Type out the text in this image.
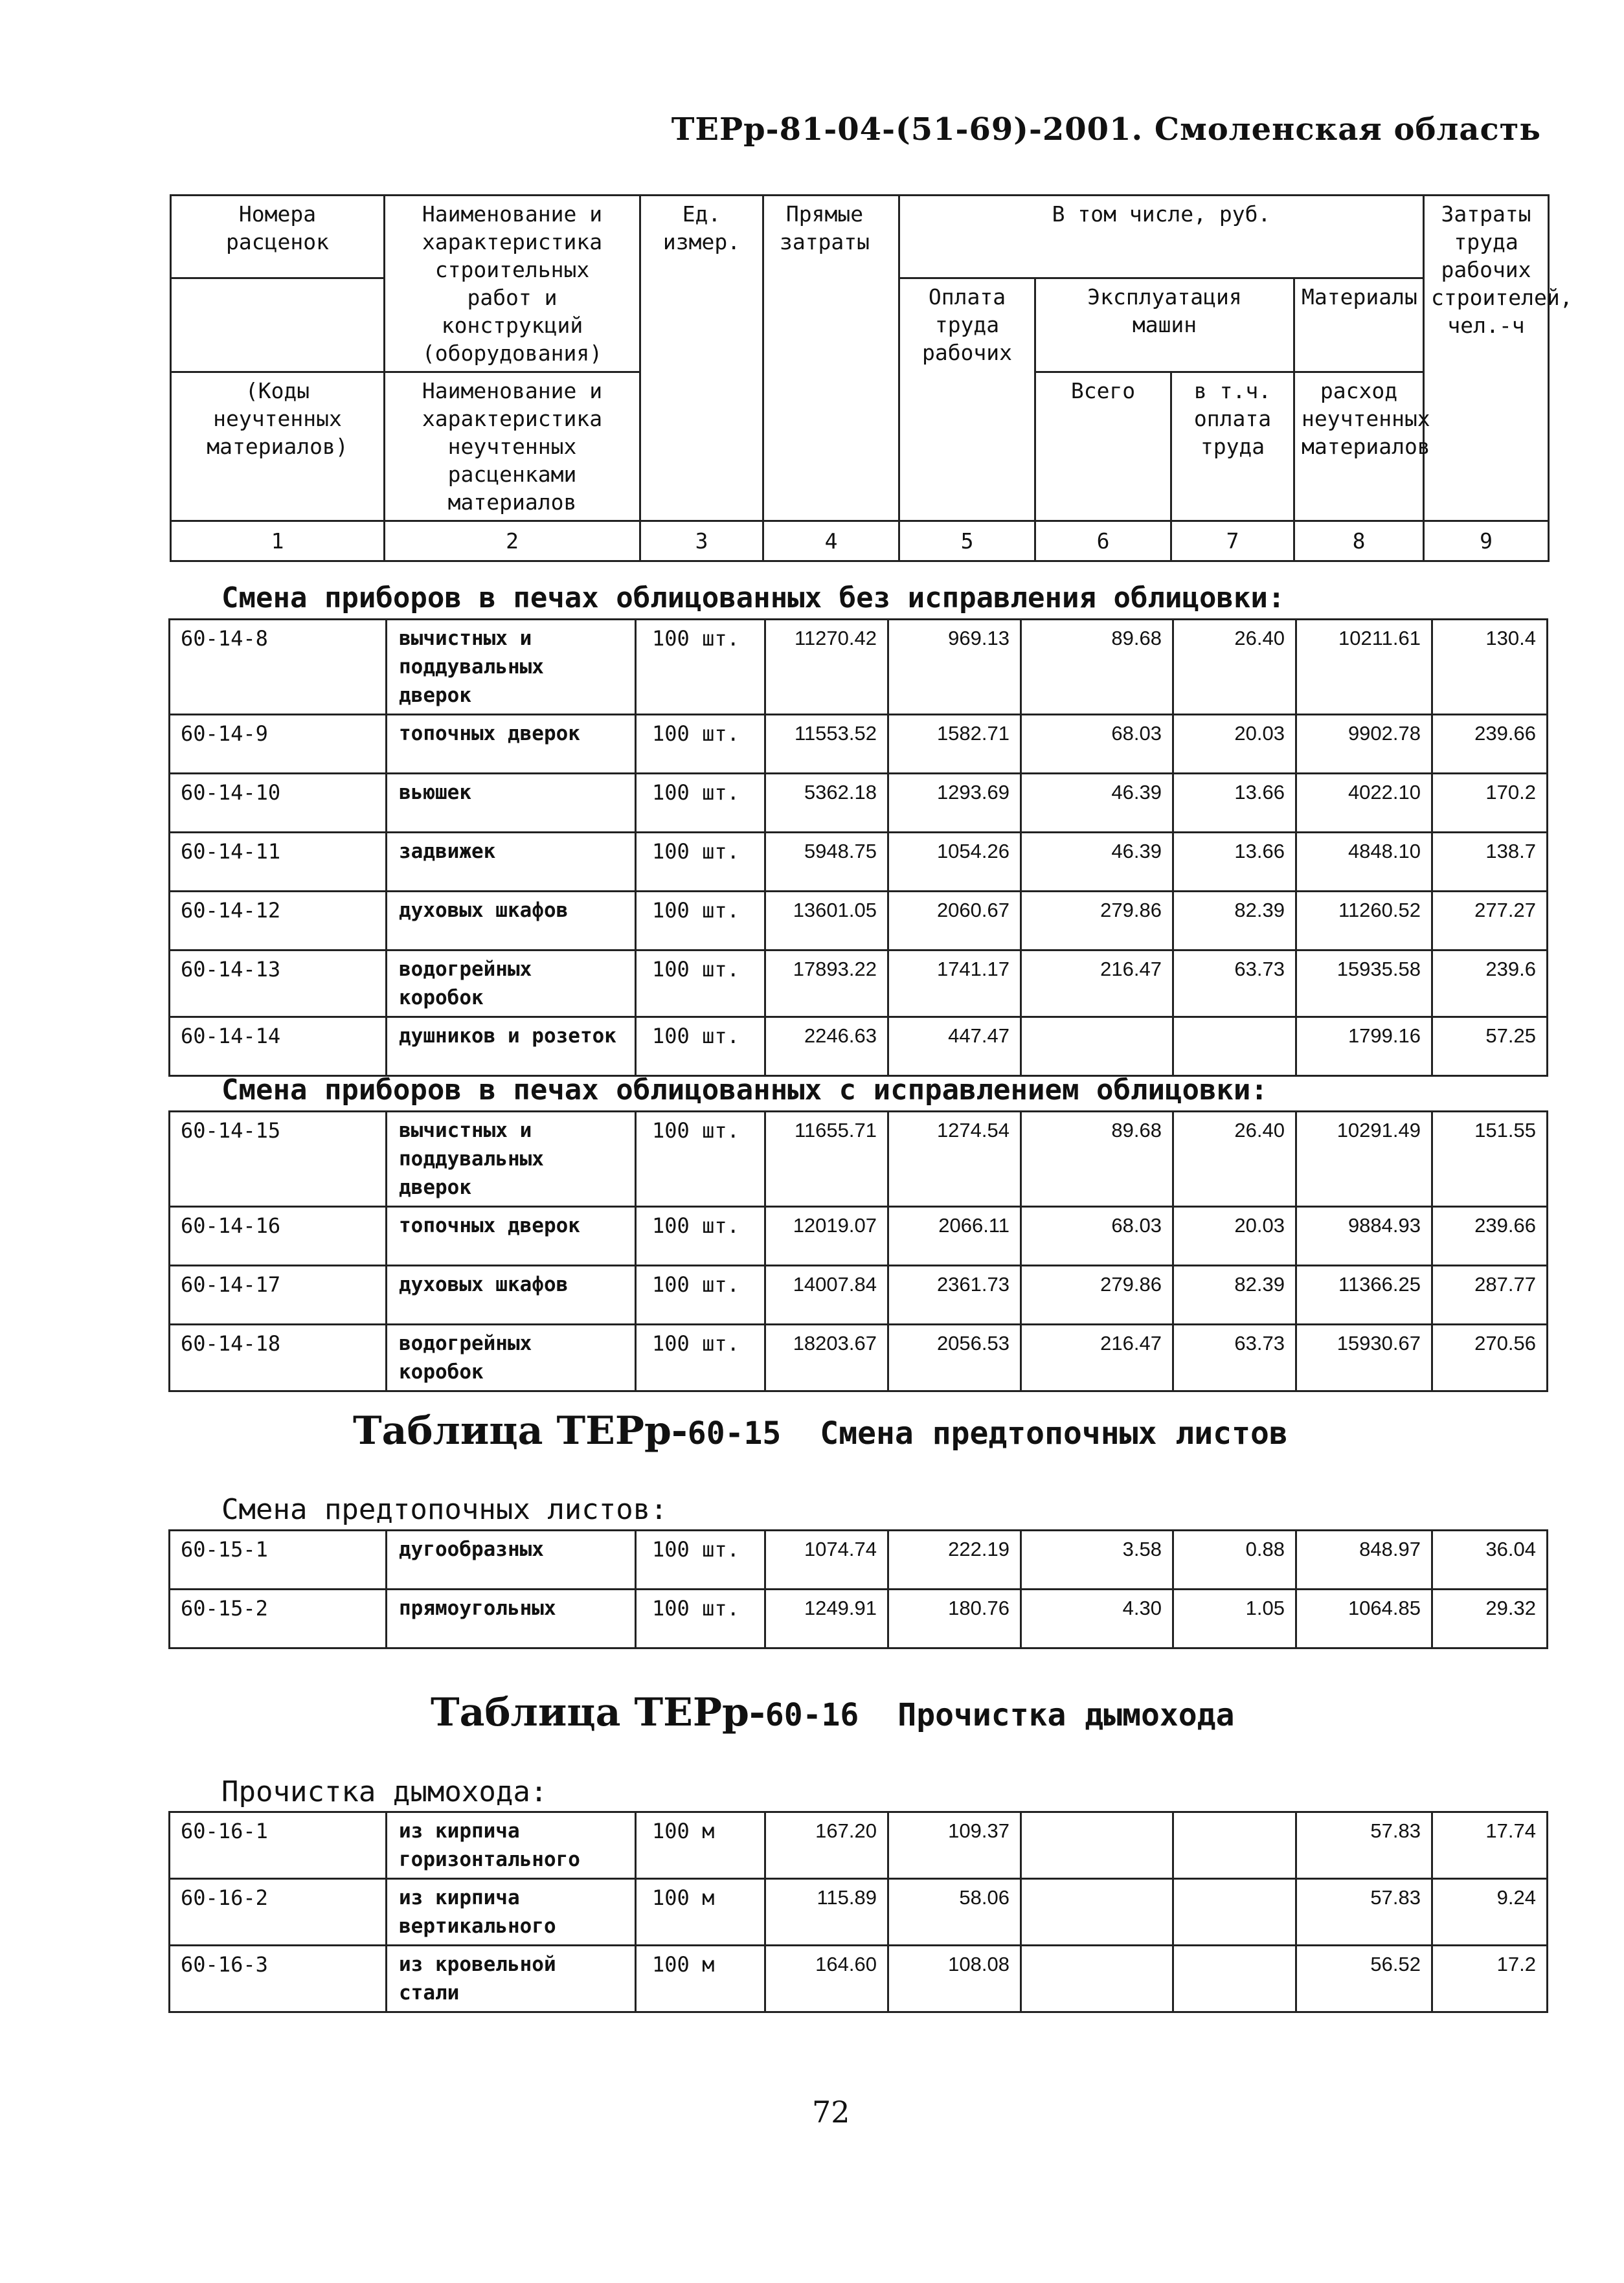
ТЕРр-81-04-(51-69)-2001. Смоленская область
Номера расценок	Наименование и характеристика строительных работ и конструкций (оборудования)	Ед. измер.	Прямые затраты	В том числе, руб.				Затраты труда рабочих строителей, чел.-ч
				Оплата труда рабочих	Эксплуатация машин		Материалы	
(Коды неучтенных материалов)	Наименование и характеристика неучтенных расценками материалов				Всего	в т.ч. оплата труда	расход неучтенных материалов	
1	2	3	4	5	6	7	8	9
Смена приборов в печах облицованных без исправления облицовки:
60-14-8	вычистных и поддувальных дверок	100 шт.	11270.42	969.13	89.68	26.40	10211.61	130.4
60-14-9	топочных дверок	100 шт.	11553.52	1582.71	68.03	20.03	9902.78	239.66
60-14-10	вьюшек	100 шт.	5362.18	1293.69	46.39	13.66	4022.10	170.2
60-14-11	задвижек	100 шт.	5948.75	1054.26	46.39	13.66	4848.10	138.7
60-14-12	духовых шкафов	100 шт.	13601.05	2060.67	279.86	82.39	11260.52	277.27
60-14-13	водогрейных коробок	100 шт.	17893.22	1741.17	216.47	63.73	15935.58	239.6
60-14-14	душников и розеток	100 шт.	2246.63	447.47			1799.16	57.25
Смена приборов в печах облицованных с исправлением облицовки:
60-14-15	вычистных и поддувальных дверок	100 шт.	11655.71	1274.54	89.68	26.40	10291.49	151.55
60-14-16	топочных дверок	100 шт.	12019.07	2066.11	68.03	20.03	9884.93	239.66
60-14-17	духовых шкафов	100 шт.	14007.84	2361.73	279.86	82.39	11366.25	287.77
60-14-18	водогрейных коробок	100 шт.	18203.67	2056.53	216.47	63.73	15930.67	270.56
Таблица ТЕРр-60-15 Смена предтопочных листов
Смена предтопочных листов:
60-15-1	дугообразных	100 шт.	1074.74	222.19	3.58	0.88	848.97	36.04
60-15-2	прямоугольных	100 шт.	1249.91	180.76	4.30	1.05	1064.85	29.32
Таблица ТЕРр-60-16 Прочистка дымохода
Прочистка дымохода:
60-16-1	из кирпича горизонтального	100 м	167.20	109.37			57.83	17.74
60-16-2	из кирпича вертикального	100 м	115.89	58.06			57.83	9.24
60-16-3	из кровельной стали	100 м	164.60	108.08			56.52	17.2
72
